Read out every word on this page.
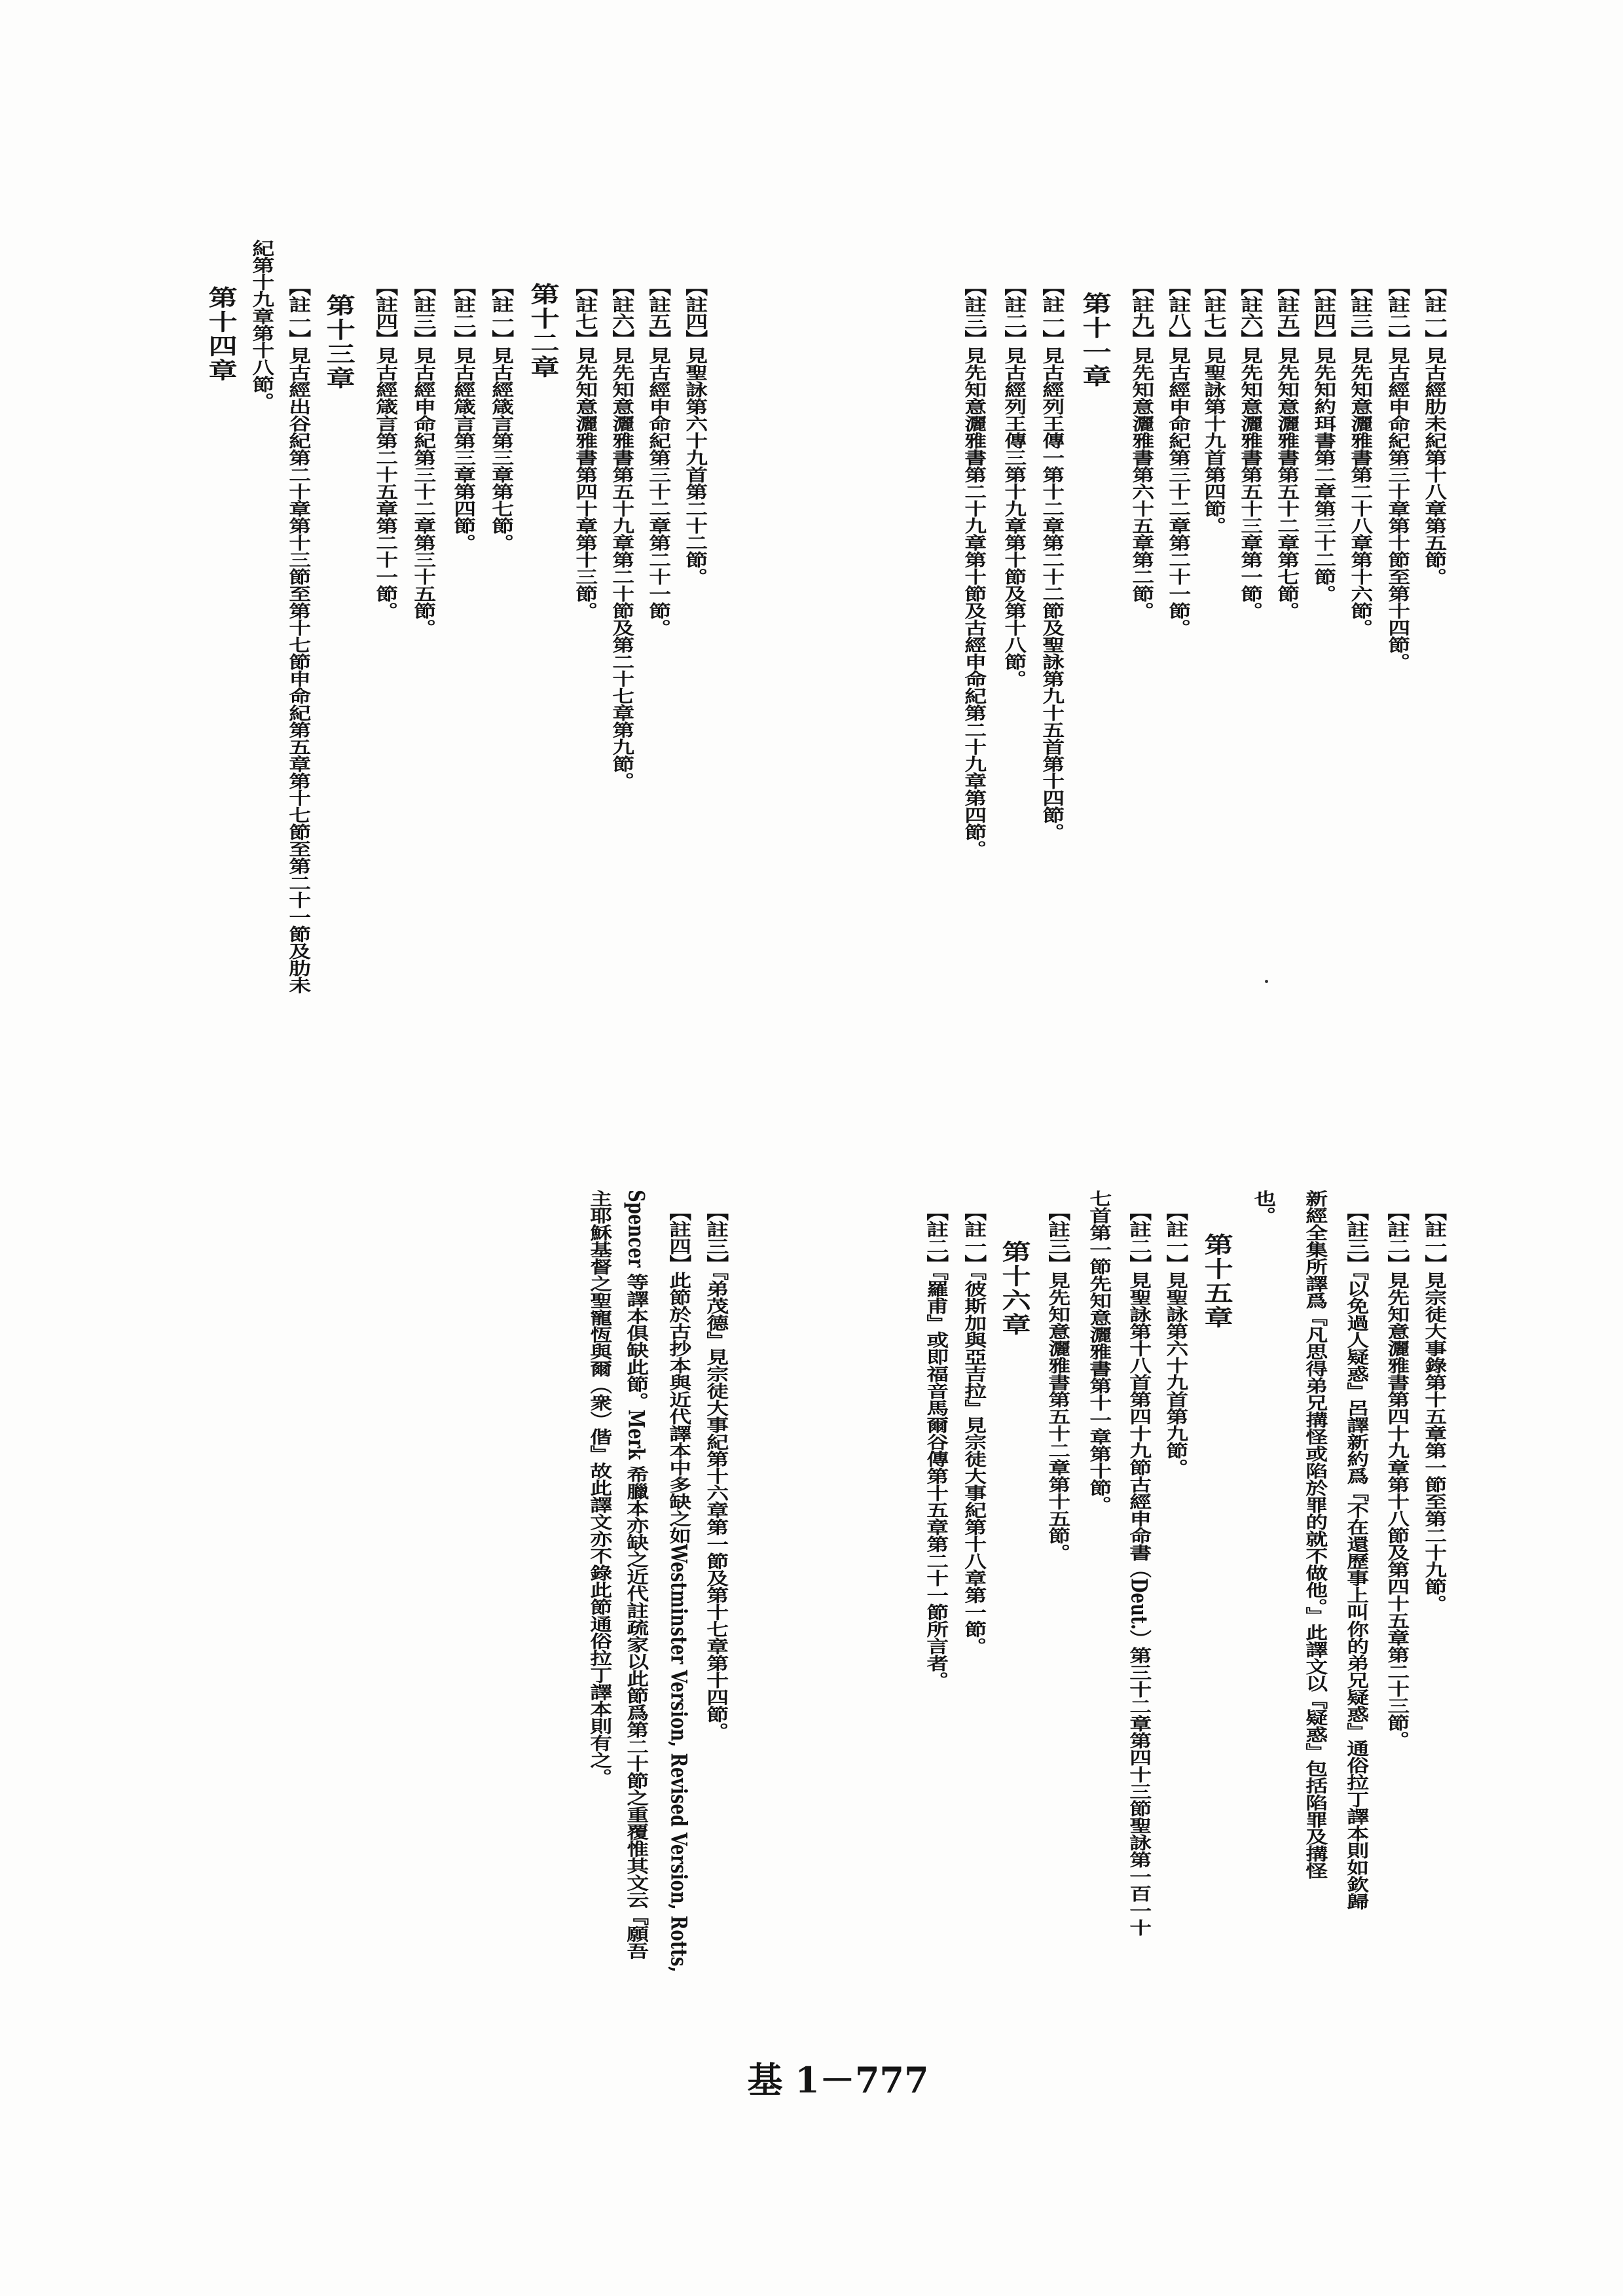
【註一】見古經肋未紀第十八章第五節。
【註二】見古經申命紀第三十章第十節至第十四節。
【註三】見先知意灑雅書第二十八章第十六節。
【註四】見先知約珥書第二章第三十二節。
【註五】見先知意灑雅書第五十二章第七節。
【註六】見先知意灑雅書第五十三章第一節。
【註七】見聖詠第十九首第四節。
【註八】見古經申命紀第三十二章第二十一節。
【註九】見先知意灑雅書第六十五章第二節。
第十一章
【註一】見古經列王傳一第十二章第二十二節及聖詠第九十五首第十四節。
【註二】見古經列王傳三第十九章第十節及第十八節。
【註三】見先知意灑雅書第二十九章第十節及古經申命紀第二十九章第四節。
【註四】見聖詠第六十九首第二十二節。
【註五】見古經申命紀第三十二章第二十一節。
【註六】見先知意灑雅書第五十九章第二十節及第二十七章第九節。
【註七】見先知意灑雅書第四十章第十三節。
第十二章
【註一】見古經箴言第三章第七節。
【註二】見古經箴言第三章第四節。
【註三】見古經申命紀第三十二章第三十五節。
【註四】見古經箴言第二十五章第二十一節。
第十三章
【註一】見古經出谷紀第二十章第十三節至第十七節申命紀第五章第十七節至第二十一節及肋未
紀第十九章第十八節。
第十四章
【註一】見宗徒大事錄第十五章第一節至第二十九節。
【註二】見先知意灑雅書第四十九章第十八節及第四十五章第二十三節。
【註三】『以免過人疑惑』呂譯新約爲『不在還歷事上叫你的弟兄疑惑』通俗拉丁譯本則如欽歸
新經全集所譯爲『凡思得弟兄搆怪或陷於罪的就不做他。』此譯文以『疑惑』包括陷罪及搆怪
也。
第十五章
【註一】見聖詠第六十九首第九節。
【註二】見聖詠第十八首第四十九節古經申命書（Deut.）第三十二章第四十三節聖詠第一百一十
七首第一節先知意灑雅書第十一章第十節。
【註三】見先知意灑雅書第五十二章第十五節。
第十六章
【註一】『彼斯加與亞吉拉』見宗徒大事紀第十八章第一節。
【註二】『羅甫』或即福音馬爾谷傳第十五章第二十一節所言者。
【註三】『弟茂德』見宗徒大事紀第十六章第一節及第十七章第十四節。
【註四】此節於古抄本與近代譯本中多缺之如Westminster Version, Revised Version, Rotts,
Spencer 等譯本俱缺此節。Merk 希臘本亦缺之近代註疏家以此節爲第二十節之重覆惟其文云『願吾
主耶穌基督之聖寵恆與爾（衆）偕』故此譯文亦不錄此節通俗拉丁譯本則有之。
基 1－777
